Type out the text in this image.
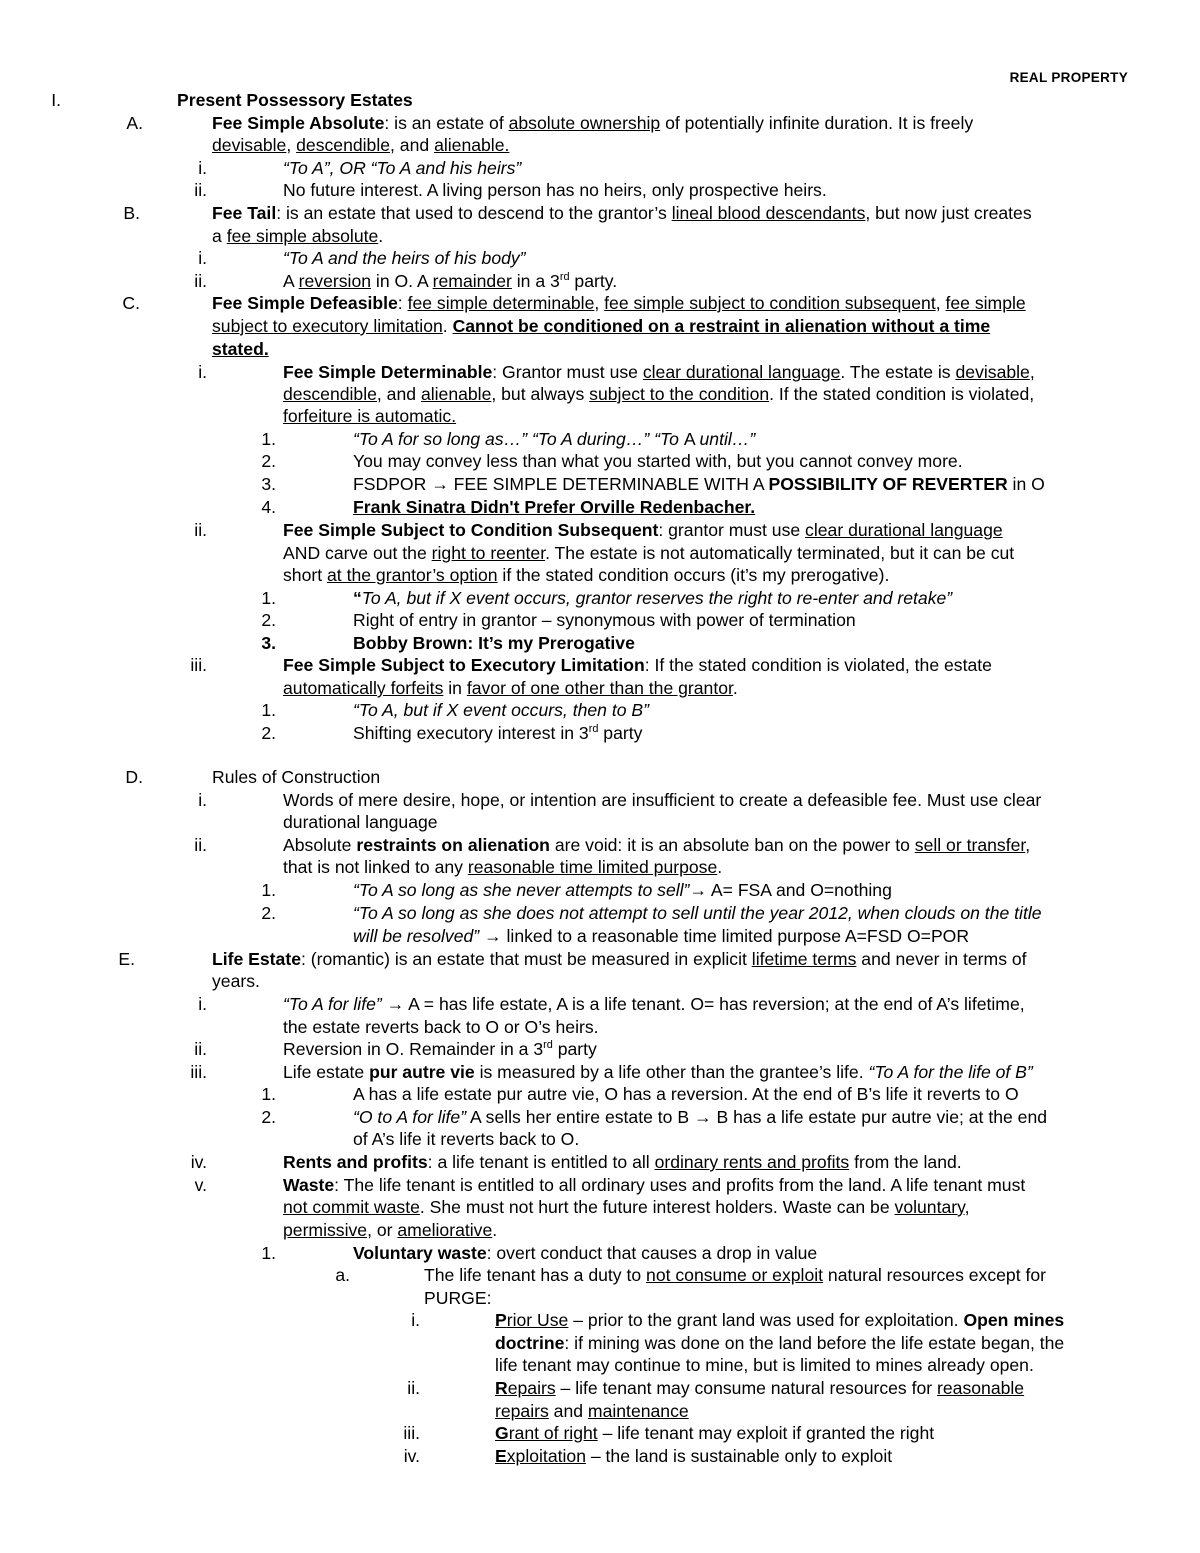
REAL PROPERTY
I.	Present Possessory Estates
A.	Fee Simple Absolute: is an estate of absolute ownership of potentially infinite duration. It is freely
devisable, descendible, and alienable.
i.	“To A”, OR “To A and his heirs”
ii.	No future interest. A living person has no heirs, only prospective heirs.
B.	Fee Tail: is an estate that used to descend to the grantor’s lineal blood descendants, but now just creates
a fee simple absolute.
i.	“To A and the heirs of his body”
ii.	A reversion in O. A remainder in a 3rd party.
C.	Fee Simple Defeasible: fee simple determinable, fee simple subject to condition subsequent, fee simple
subject to executory limitation. Cannot be conditioned on a restraint in alienation without a time
stated.
i.	Fee Simple Determinable: Grantor must use clear durational language. The estate is devisable,
descendible, and alienable, but always subject to the condition. If the stated condition is violated,
forfeiture is automatic.
1.	“To A for so long as…” “To A during…” “To A until…”
2.	You may convey less than what you started with, but you cannot convey more.
3.	FSDPOR → FEE SIMPLE DETERMINABLE WITH A POSSIBILITY OF REVERTER in O
4.	Frank Sinatra Didn't Prefer Orville Redenbacher.
ii.	Fee Simple Subject to Condition Subsequent: grantor must use clear durational language
AND carve out the right to reenter. The estate is not automatically terminated, but it can be cut
short at the grantor’s option if the stated condition occurs (it’s my prerogative).
1.	“To A, but if X event occurs, grantor reserves the right to re-enter and retake”
2.	Right of entry in grantor – synonymous with power of termination
3.	Bobby Brown: It’s my Prerogative
iii.	Fee Simple Subject to Executory Limitation: If the stated condition is violated, the estate
automatically forfeits in favor of one other than the grantor.
1.	“To A, but if X event occurs, then to B”
2.	Shifting executory interest in 3rd party
D.	Rules of Construction
i.	Words of mere desire, hope, or intention are insufficient to create a defeasible fee. Must use clear
durational language
ii.	Absolute restraints on alienation are void: it is an absolute ban on the power to sell or transfer,
that is not linked to any reasonable time limited purpose.
1.	“To A so long as she never attempts to sell”→ A= FSA and O=nothing
2.	“To A so long as she does not attempt to sell until the year 2012, when clouds on the title
will be resolved” → linked to a reasonable time limited purpose A=FSD O=POR
E.	Life Estate: (romantic) is an estate that must be measured in explicit lifetime terms and never in terms of
years.
i.	“To A for life” → A = has life estate, A is a life tenant. O= has reversion; at the end of A’s lifetime,
the estate reverts back to O or O’s heirs.
ii.	Reversion in O. Remainder in a 3rd party
iii.	Life estate pur autre vie is measured by a life other than the grantee’s life. “To A for the life of B”
1.	A has a life estate pur autre vie, O has a reversion. At the end of B’s life it reverts to O
2.	“O to A for life” A sells her entire estate to B → B has a life estate pur autre vie; at the end
of A’s life it reverts back to O.
iv.	Rents and profits: a life tenant is entitled to all ordinary rents and profits from the land.
v.	Waste: The life tenant is entitled to all ordinary uses and profits from the land. A life tenant must
not commit waste. She must not hurt the future interest holders. Waste can be voluntary,
permissive, or ameliorative.
1.	Voluntary waste: overt conduct that causes a drop in value
a.	The life tenant has a duty to not consume or exploit natural resources except for
PURGE:
i.	Prior Use – prior to the grant land was used for exploitation. Open mines
doctrine: if mining was done on the land before the life estate began, the
life tenant may continue to mine, but is limited to mines already open.
ii.	Repairs – life tenant may consume natural resources for reasonable
repairs and maintenance
iii.	Grant of right – life tenant may exploit if granted the right
iv.	Exploitation – the land is sustainable only to exploit
